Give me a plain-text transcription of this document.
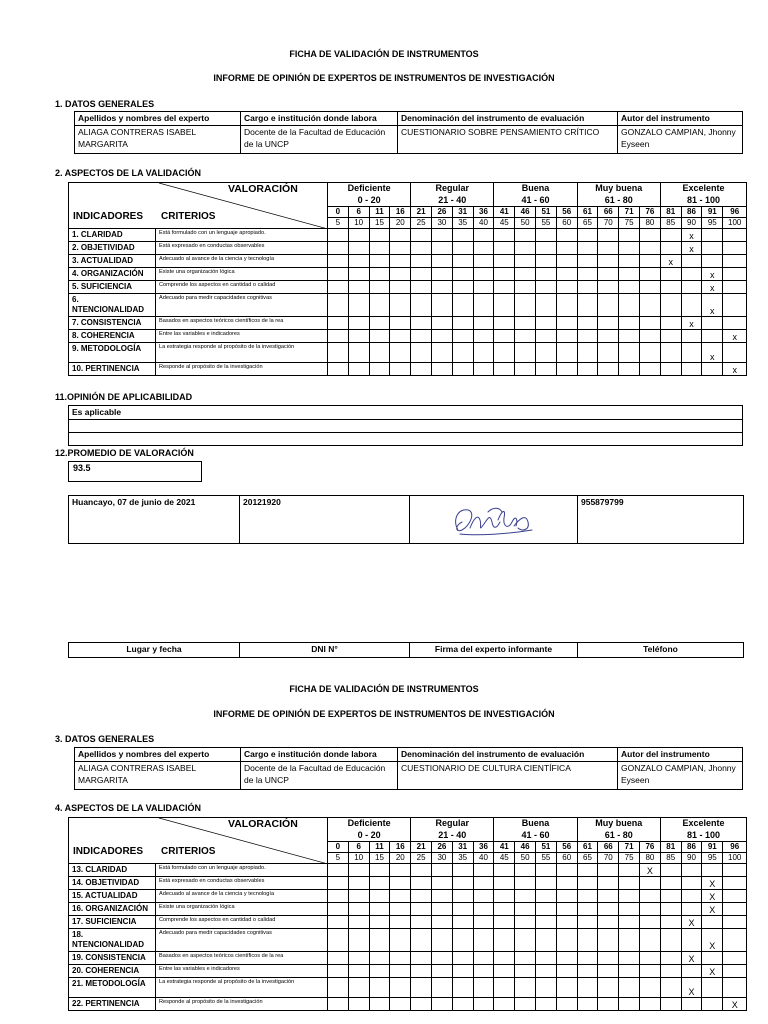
FICHA DE VALIDACIÓN DE INSTRUMENTOS
INFORME DE OPINIÓN DE EXPERTOS DE INSTRUMENTOS DE INVESTIGACIÓN
1. DATOS GENERALES
Apellidos y nombres del experto	Cargo e institución donde labora	Denominación del instrumento de evaluación	Autor del instrumento
ALIAGA CONTRERAS ISABEL MARGARITA	Docente de la Facultad de Educación de la UNCP	CUESTIONARIO SOBRE PENSAMIENTO CRÍTICO	GONZALO CAMPIAN, Jhonny Eyseen
2. ASPECTOS DE LA VALIDACIÓN
VALORACIÓN
INDICADORES CRITERIOS		Deficiente				Regular				Buena				Muy buena				Excelente			
		0 - 20				21 - 40				41 - 60				61 - 80				81 - 100			
		0	6	11	16	21	26	31	36	41	46	51	56	61	66	71	76	81	86	91	96
		5	10	15	20	25	30	35	40	45	50	55	60	65	70	75	80	85	90	95	100
1. CLARIDAD	Está formulado con un lenguaje apropiado.																		x		
2. OBJETIVIDAD	Está expresado en conductas observables																		x		
3. ACTUALIDAD	Adecuado al avance de la ciencia y tecnología																	x			
4. ORGANIZACIÓN	Existe una organización lógica																			x	
5. SUFICIENCIA	Comprende los aspectos en cantidad o calidad																			x	
6. NTENCIONALIDAD	Adecuado para medir capacidades cognitivas																			x	
7. CONSISTENCIA	Basados en aspectos teóricos científicos de la rea																		x		
8. COHERENCIA	Entre las variables e indicadores																				x
9. METODOLOGÍA	La estrategia responde al propósito de la investigación																			x	
10. PERTINENCIA	Responde al propósito de la investigación																				x
11.OPINIÓN DE APLICABILIDAD
Es aplicable

12.PROMEDIO DE VALORACIÓN
93.5
Huancayo, 07 de junio de 2021	20121920		955879799
Lugar y fecha	DNI N°	Firma del experto informante	Teléfono
FICHA DE VALIDACIÓN DE INSTRUMENTOS
INFORME DE OPINIÓN DE EXPERTOS DE INSTRUMENTOS DE INVESTIGACIÓN
3. DATOS GENERALES
Apellidos y nombres del experto	Cargo e institución donde labora	Denominación del instrumento de evaluación	Autor del instrumento
ALIAGA CONTRERAS ISABEL MARGARITA	Docente de la Facultad de Educación de la UNCP	CUESTIONARIO DE CULTURA CIENTÍFICA	GONZALO CAMPIAN, Jhonny Eyseen
4. ASPECTOS DE LA VALIDACIÓN
VALORACIÓN
INDICADORES CRITERIOS		Deficiente				Regular				Buena				Muy buena				Excelente			
		0 - 20				21 - 40				41 - 60				61 - 80				81 - 100			
		0	6	11	16	21	26	31	36	41	46	51	56	61	66	71	76	81	86	91	96
		5	10	15	20	25	30	35	40	45	50	55	60	65	70	75	80	85	90	95	100
13. CLARIDAD	Está formulado con un lenguaje apropiado.																X				
14. OBJETIVIDAD	Está expresado en conductas observables																			X	
15. ACTUALIDAD	Adecuado al avance de la ciencia y tecnología																			X	
16. ORGANIZACIÓN	Existe una organización lógica																			X	
17. SUFICIENCIA	Comprende los aspectos en cantidad o calidad																		X		
18. NTENCIONALIDAD	Adecuado para medir capacidades cognitivas																			X	
19. CONSISTENCIA	Basados en aspectos teóricos científicos de la rea																		X		
20. COHERENCIA	Entre las variables e indicadores																			X	
21. METODOLOGÍA	La estrategia responde al propósito de la investigación																		X		
22. PERTINENCIA	Responde al propósito de la investigación																				X
